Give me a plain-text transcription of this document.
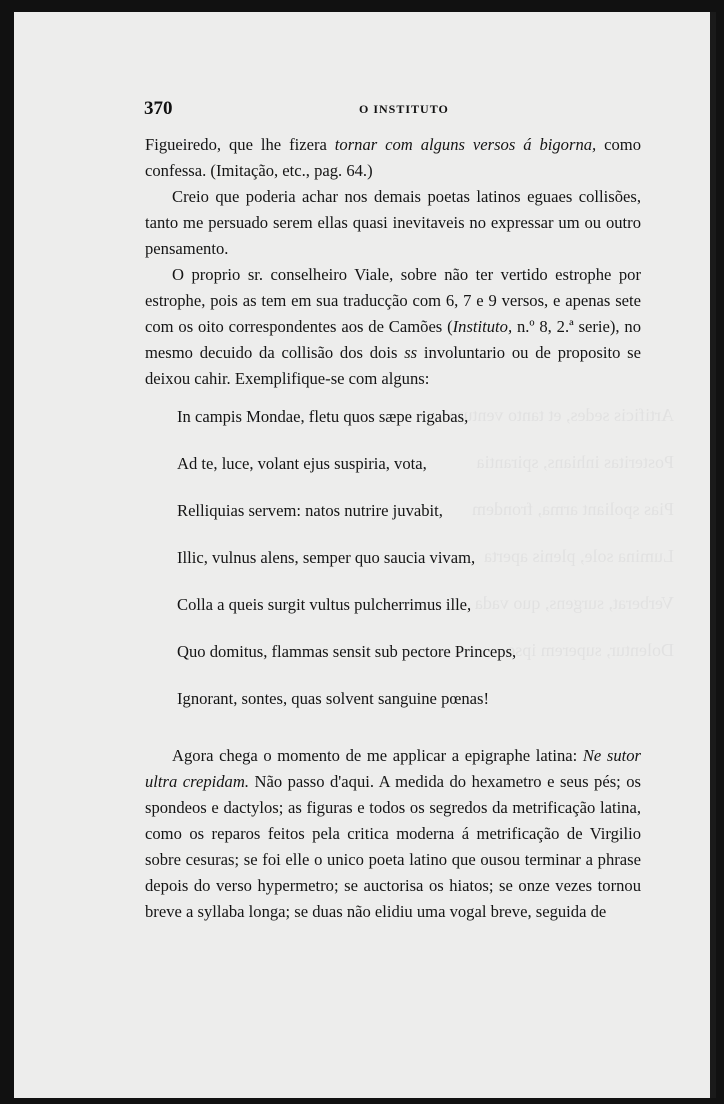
Artificis sedes, et tanto venturo
Posteritas inhians, spirantia
Pias spoliant arma, frondem
Lumina sole, plenis aperta
Verberat, surgens, quo vada
Dolentur, superem ipse
370	O INSTITUTO

Figueiredo, que lhe fizera tornar com alguns versos á bigorna, como confessa. (Imitação, etc., pag. 64.)

Creio que poderia achar nos demais poetas latinos eguaes collisões, tanto me persuado serem ellas quasi inevitaveis no expressar um ou outro pensamento.

O proprio sr. conselheiro Viale, sobre não ter vertido estrophe por estrophe, pois as tem em sua traducção com 6, 7 e 9 versos, e apenas sete com os oito correspondentes aos de Camões (Instituto, n.º 8, 2.ª serie), no mesmo decuido da collisão dos dois ss involuntario ou de proposito se deixou cahir. Exemplifique-se com alguns:

In campis Mondae, fletu quos sæpe rigabas,
Ad te, luce, volant ejus suspiria, vota,
Relliquias servem: natos nutrire juvabit,
Illic, vulnus alens, semper quo saucia vivam,
Colla a queis surgit vultus pulcherrimus ille,
Quo domitus, flammas sensit sub pectore Princeps,
Ignorant, sontes, quas solvent sanguine pœnas!

Agora chega o momento de me applicar a epigraphe latina: Ne sutor ultra crepidam. Não passo d'aqui. A medida do hexametro e seus pés; os spondeos e dactylos; as figuras e todos os segredos da metrificação latina, como os reparos feitos pela critica moderna á metrificação de Virgilio sobre cesuras; se foi elle o unico poeta latino que ousou terminar a phrase depois do verso hypermetro; se auctorisa os hiatos; se onze vezes tornou breve a syllaba longa; se duas não elidiu uma vogal breve, seguida de
